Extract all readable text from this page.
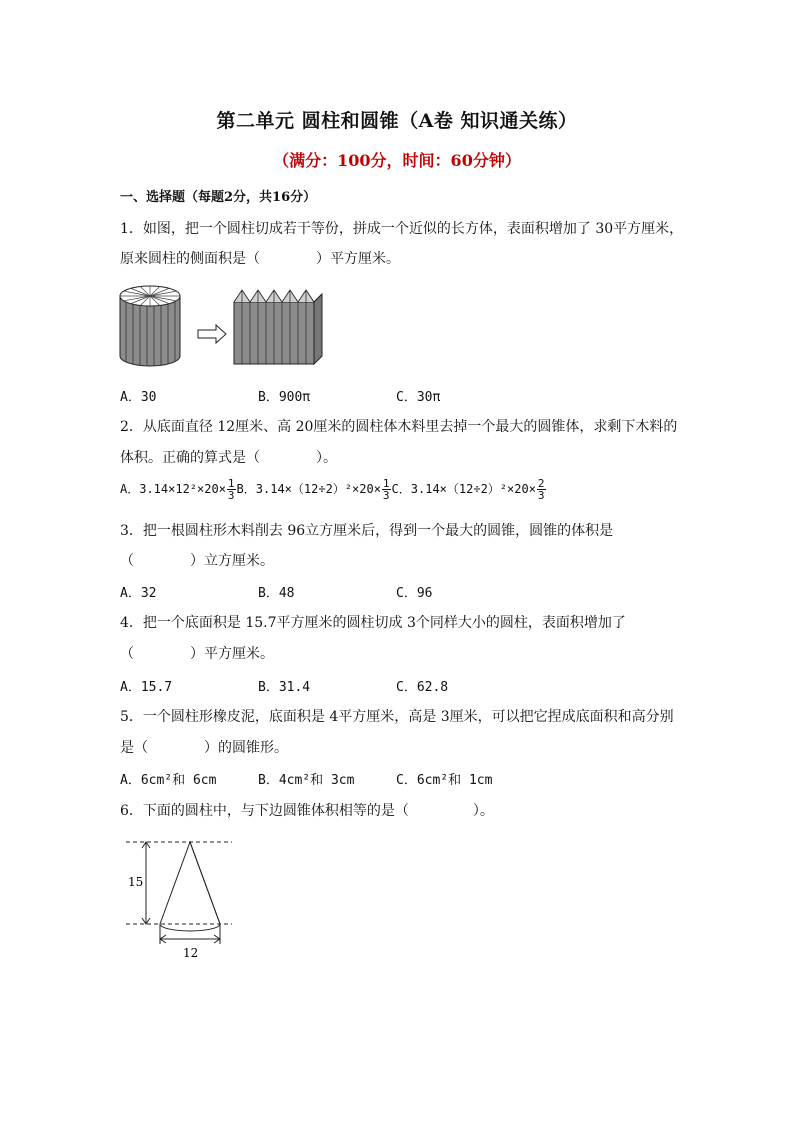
第二单元 圆柱和圆锥（A卷 知识通关练）
（满分：100分，时间：60分钟）
一、选择题（每题2分，共16分）
1．如图，把一个圆柱切成若干等份，拼成一个近似的长方体，表面积增加了 30平方厘米，
原来圆柱的侧面积是（	）平方厘米。
A．30	B．900π	C．30π
2．从底面直径 12厘米、高 20厘米的圆柱体木料里去掉一个最大的圆锥体，求剩下木料的
体积。正确的算式是（	）。
A．$3.14\times 12^2\times 20\times \frac{1}{3}$ B．$3.14\times(12\div 2)^2\times 20\times \frac{1}{3}$ C．$3.14\times(12\div 2)^2\times 20\times \frac{2}{3}$
3．把一根圆柱形木料削去 96立方厘米后，得到一个最大的圆锥，圆锥的体积是
（	）立方厘米。
A．32	B．48	C．96
4．把一个底面积是 15.7平方厘米的圆柱切成 3个同样大小的圆柱，表面积增加了
（	）平方厘米。
A．15.7	B．31.4	C．62.8
5．一个圆柱形橡皮泥，底面积是 4平方厘米，高是 3厘米，可以把它捏成底面积和高分别
是（	）的圆锥形。
A．6cm²和 6cm	B．4cm²和 3cm	C．6cm²和 1cm
6．下面的圆柱中，与下边圆锥体积相等的是（	）。
15
12
